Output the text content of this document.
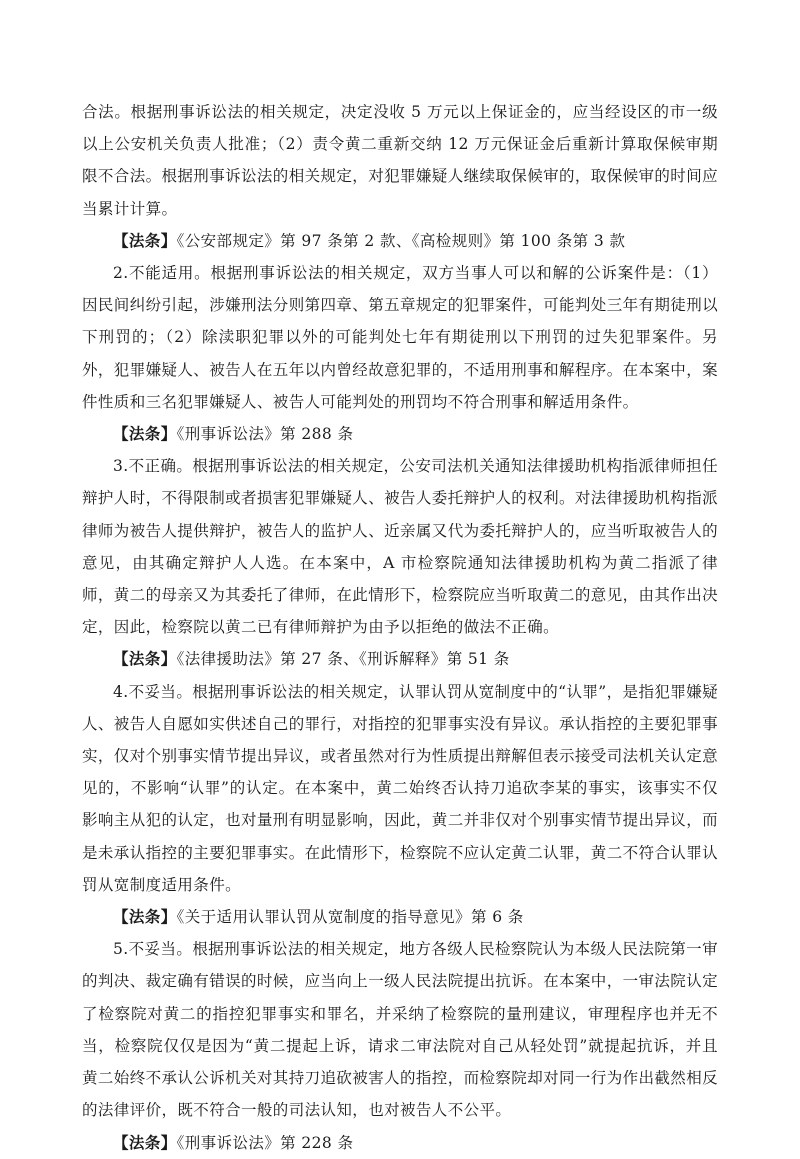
合法。根据刑事诉讼法的相关规定，决定没收 5 万元以上保证金的，应当经设区的市一级以上公安机关负责人批准；（2）责令黄二重新交纳 12 万元保证金后重新计算取保候审期限不合法。根据刑事诉讼法的相关规定，对犯罪嫌疑人继续取保候审的，取保候审的时间应当累计计算。

【法条】《公安部规定》第 97 条第 2 款、《高检规则》第 100 条第 3 款

2.不能适用。根据刑事诉讼法的相关规定，双方当事人可以和解的公诉案件是：（1）因民间纠纷引起，涉嫌刑法分则第四章、第五章规定的犯罪案件，可能判处三年有期徒刑以下刑罚的；（2）除渎职犯罪以外的可能判处七年有期徒刑以下刑罚的过失犯罪案件。另外，犯罪嫌疑人、被告人在五年以内曾经故意犯罪的，不适用刑事和解程序。在本案中，案件性质和三名犯罪嫌疑人、被告人可能判处的刑罚均不符合刑事和解适用条件。

【法条】《刑事诉讼法》第 288 条

3.不正确。根据刑事诉讼法的相关规定，公安司法机关通知法律援助机构指派律师担任辩护人时，不得限制或者损害犯罪嫌疑人、被告人委托辩护人的权利。对法律援助机构指派律师为被告人提供辩护，被告人的监护人、近亲属又代为委托辩护人的，应当听取被告人的意见，由其确定辩护人人选。在本案中，A 市检察院通知法律援助机构为黄二指派了律师，黄二的母亲又为其委托了律师，在此情形下，检察院应当听取黄二的意见，由其作出决定，因此，检察院以黄二已有律师辩护为由予以拒绝的做法不正确。

【法条】《法律援助法》第 27 条、《刑诉解释》第 51 条

4.不妥当。根据刑事诉讼法的相关规定，认罪认罚从宽制度中的“认罪”，是指犯罪嫌疑人、被告人自愿如实供述自己的罪行，对指控的犯罪事实没有异议。承认指控的主要犯罪事实，仅对个别事实情节提出异议，或者虽然对行为性质提出辩解但表示接受司法机关认定意见的，不影响“认罪”的认定。在本案中，黄二始终否认持刀追砍李某的事实，该事实不仅影响主从犯的认定，也对量刑有明显影响，因此，黄二并非仅对个别事实情节提出异议，而是未承认指控的主要犯罪事实。在此情形下，检察院不应认定黄二认罪，黄二不符合认罪认罚从宽制度适用条件。

【法条】《关于适用认罪认罚从宽制度的指导意见》第 6 条

5.不妥当。根据刑事诉讼法的相关规定，地方各级人民检察院认为本级人民法院第一审的判决、裁定确有错误的时候，应当向上一级人民法院提出抗诉。在本案中，一审法院认定了检察院对黄二的指控犯罪事实和罪名，并采纳了检察院的量刑建议，审理程序也并无不当，检察院仅仅是因为“黄二提起上诉，请求二审法院对自己从轻处罚”就提起抗诉，并且黄二始终不承认公诉机关对其持刀追砍被害人的指控，而检察院却对同一行为作出截然相反的法律评价，既不符合一般的司法认知，也对被告人不公平。

【法条】《刑事诉讼法》第 228 条
